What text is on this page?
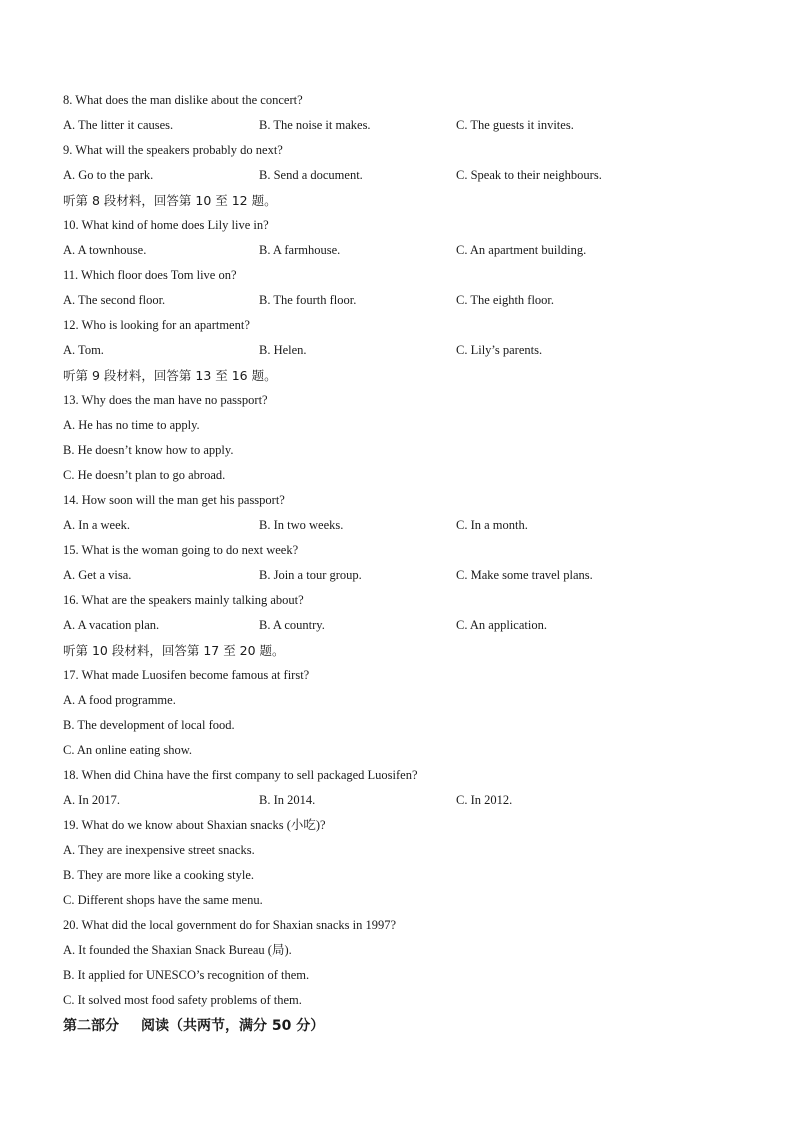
8. What does the man dislike about the concert?
A. The litter it causes.	B. The noise it makes.	C. The guests it invites.
9. What will the speakers probably do next?
A. Go to the park.	B. Send a document.	C. Speak to their neighbours.
听第 8 段材料，回答第 10 至 12 题。
10. What kind of home does Lily live in?
A. A townhouse.	B. A farmhouse.	C. An apartment building.
11. Which floor does Tom live on?
A. The second floor.	B. The fourth floor.	C. The eighth floor.
12. Who is looking for an apartment?
A. Tom.	B. Helen.	C. Lily’s parents.
听第 9 段材料，回答第 13 至 16 题。
13. Why does the man have no passport?
A. He has no time to apply.
B. He doesn’t know how to apply.
C. He doesn’t plan to go abroad.
14. How soon will the man get his passport?
A. In a week.	B. In two weeks.	C. In a month.
15. What is the woman going to do next week?
A. Get a visa.	B. Join a tour group.	C. Make some travel plans.
16. What are the speakers mainly talking about?
A. A vacation plan.	B. A country.	C. An application.
听第 10 段材料，回答第 17 至 20 题。
17. What made Luosifen become famous at first?
A. A food programme.
B. The development of local food.
C. An online eating show.
18. When did China have the first company to sell packaged Luosifen?
A. In 2017.	B. In 2014.	C. In 2012.
19. What do we know about Shaxian snacks (小吃)?
A. They are inexpensive street snacks.
B. They are more like a cooking style.
C. Different shops have the same menu.
20. What did the local government do for Shaxian snacks in 1997?
A. It founded the Shaxian Snack Bureau (局).
B. It applied for UNESCO’s recognition of them.
C. It solved most food safety problems of them.
第二部分 阅读（共两节，满分 50 分）
